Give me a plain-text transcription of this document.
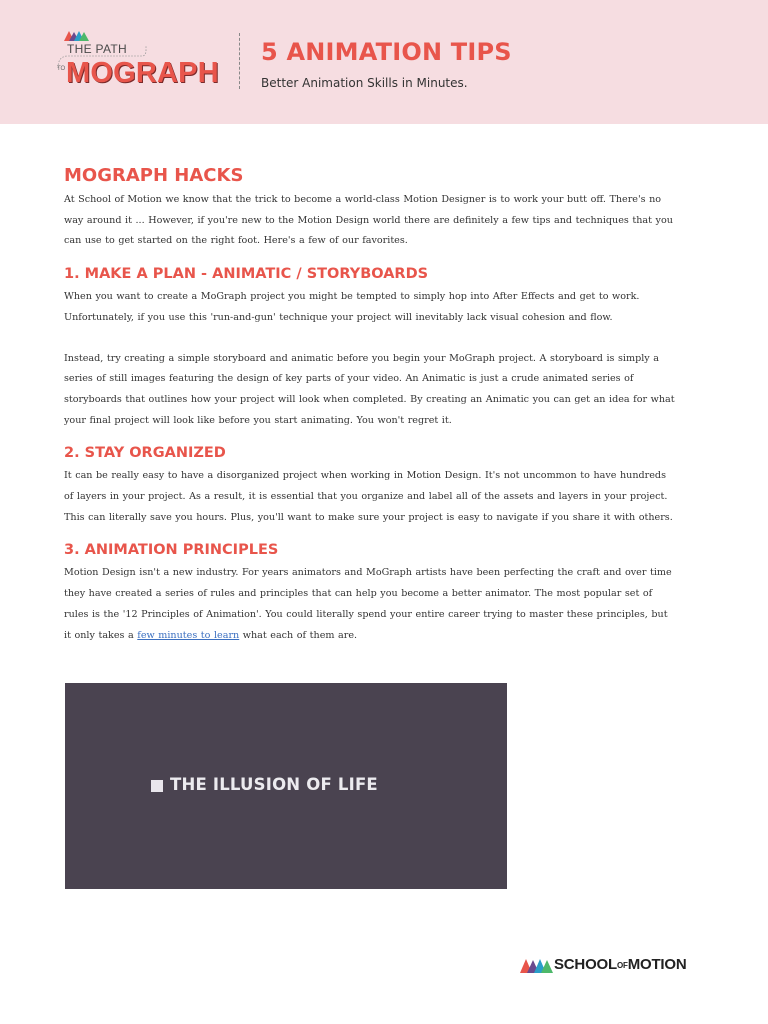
THE PATH
TO MOGRAPH
5 ANIMATION TIPS
Better Animation Skills in Minutes.
MOGRAPH HACKS

At School of Motion we know that the trick to become a world-class Motion Designer is to work your butt off. There's no way around it ... However, if you're new to the Motion Design world there are definitely a few tips and techniques that you can use to get started on the right foot. Here's a few of our favorites.

1. MAKE A PLAN - ANIMATIC / STORYBOARDS

When you want to create a MoGraph project you might be tempted to simply hop into After Effects and get to work. Unfortunately, if you use this 'run-and-gun' technique your project will inevitably lack visual cohesion and flow.

Instead, try creating a simple storyboard and animatic before you begin your MoGraph project. A storyboard is simply a series of still images featuring the design of key parts of your video. An Animatic is just a crude animated series of storyboards that outlines how your project will look when completed. By creating an Animatic you can get an idea for what your final project will look like before you start animating. You won't regret it.

2. STAY ORGANIZED

It can be really easy to have a disorganized project when working in Motion Design. It's not uncommon to have hundreds of layers in your project. As a result, it is essential that you organize and label all of the assets and layers in your project. This can literally save you hours. Plus, you'll want to make sure your project is easy to navigate if you share it with others.

3. ANIMATION PRINCIPLES

Motion Design isn't a new industry. For years animators and MoGraph artists have been perfecting the craft and over time they have created a series of rules and principles that can help you become a better animator. The most popular set of rules is the '12 Principles of Animation'. You could literally spend your entire career trying to master these principles, but it only takes a few minutes to learn what each of them are.

THE ILLUSION OF LIFE
SCHOOLOFMOTION
